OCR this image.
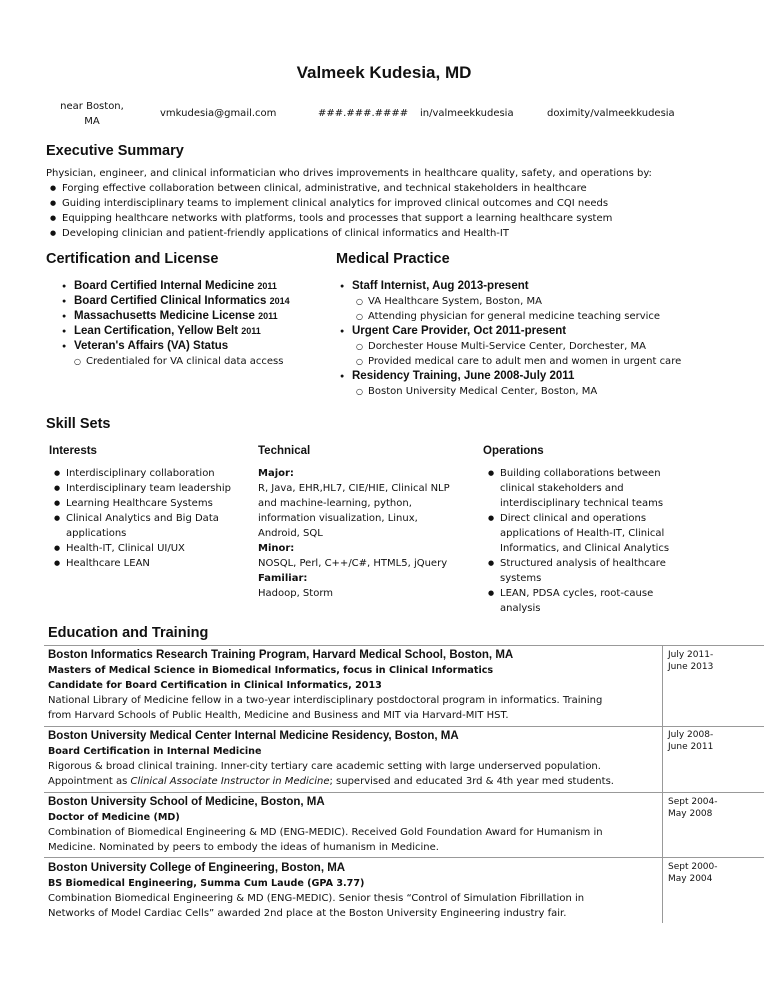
Valmeek Kudesia, MD
near Boston,
MA
vmkudesia@gmail.com	###.###.#### in/valmeekkudesia	doximity/valmeekkudesia
Executive Summary
Physician, engineer, and clinical informatician who drives improvements in healthcare quality, safety, and operations by:
● Forging effective collaboration between clinical, administrative, and technical stakeholders in healthcare
● Guiding interdisciplinary teams to implement clinical analytics for improved clinical outcomes and CQI needs
● Equipping healthcare networks with platforms, tools and processes that support a learning healthcare system
● Developing clinician and patient-friendly applications of clinical informatics and Health-IT
Certification and License
● Board Certified Internal Medicine 2011
● Board Certified Clinical Informatics 2014
● Massachusetts Medicine License 2011
● Lean Certification, Yellow Belt 2011
● Veteran's Affairs (VA) Status
○ Credentialed for VA clinical data access
Medical Practice
● Staff Internist, Aug 2013-present
○ VA Healthcare System, Boston, MA
○ Attending physician for general medicine teaching service
● Urgent Care Provider, Oct 2011-present
○ Dorchester House Multi-Service Center, Dorchester, MA
○ Provided medical care to adult men and women in urgent care
● Residency Training, June 2008-July 2011
○ Boston University Medical Center, Boston, MA
Skill Sets
Interests
● Interdisciplinary collaboration
● Interdisciplinary team leadership
● Learning Healthcare Systems
● Clinical Analytics and Big Data applications
● Health-IT, Clinical UI/UX
● Healthcare LEAN
Technical
Major:
R, Java, EHR,HL7, CIE/HIE, Clinical NLP and machine-learning, python, information visualization, Linux, Android, SQL
Minor:
NOSQL, Perl, C++/C#, HTML5, jQuery
Familiar:
Hadoop, Storm
Operations
● Building collaborations between clinical stakeholders and interdisciplinary technical teams
● Direct clinical and operations applications of Health-IT, Clinical Informatics, and Clinical Analytics
● Structured analysis of healthcare systems
● LEAN, PDSA cycles, root-cause analysis
Education and Training
Boston Informatics Research Training Program, Harvard Medical School, Boston, MA
Masters of Medical Science in Biomedical Informatics, focus in Clinical Informatics
Candidate for Board Certification in Clinical Informatics, 2013
National Library of Medicine fellow in a two-year interdisciplinary postdoctoral program in informatics. Training
from Harvard Schools of Public Health, Medicine and Business and MIT via Harvard-MIT HST.
July 2011-
June 2013
Boston University Medical Center Internal Medicine Residency, Boston, MA
Board Certification in Internal Medicine
Rigorous & broad clinical training. Inner-city tertiary care academic setting with large underserved population.
Appointment as Clinical Associate Instructor in Medicine; supervised and educated 3rd & 4th year med students.
July 2008-
June 2011
Boston University School of Medicine, Boston, MA
Doctor of Medicine (MD)
Combination of Biomedical Engineering & MD (ENG-MEDIC). Received Gold Foundation Award for Humanism in
Medicine. Nominated by peers to embody the ideas of humanism in Medicine.
Sept 2004-
May 2008
Boston University College of Engineering, Boston, MA
BS Biomedical Engineering, Summa Cum Laude (GPA 3.77)
Combination Biomedical Engineering & MD (ENG-MEDIC). Senior thesis “Control of Simulation Fibrillation in
Networks of Model Cardiac Cells” awarded 2nd place at the Boston University Engineering industry fair.
Sept 2000-
May 2004
